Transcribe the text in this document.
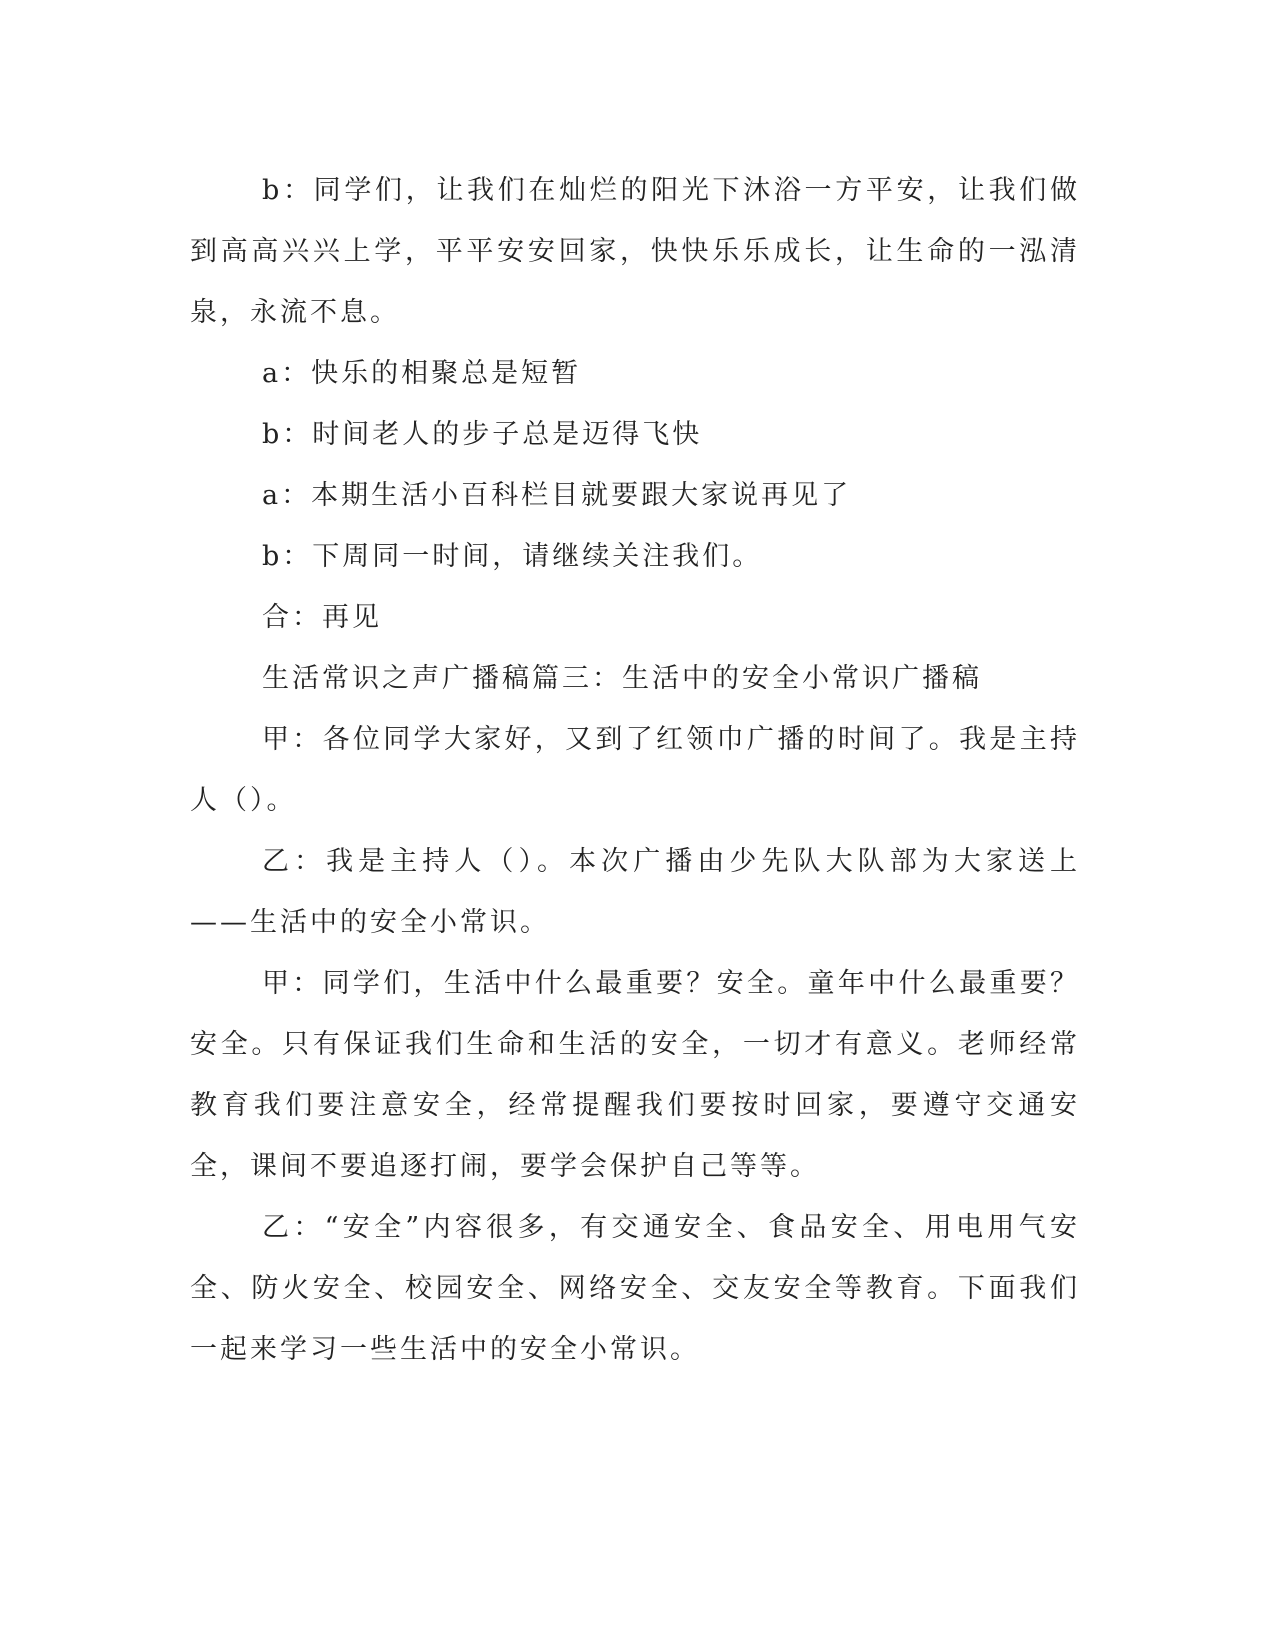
b：同学们，让我们在灿烂的阳光下沐浴一方平安，让我们做到高高兴兴上学，平平安安回家，快快乐乐成长，让生命的一泓清泉，永流不息。

a：快乐的相聚总是短暂

b：时间老人的步子总是迈得飞快

a：本期生活小百科栏目就要跟大家说再见了

b：下周同一时间，请继续关注我们。

合：再见

生活常识之声广播稿篇三：生活中的安全小常识广播稿

甲：各位同学大家好，又到了红领巾广播的时间了。我是主持人（）。

乙：我是主持人（）。本次广播由少先队大队部为大家送上——生活中的安全小常识。

甲：同学们，生活中什么最重要？安全。童年中什么最重要？安全。只有保证我们生命和生活的安全，一切才有意义。老师经常教育我们要注意安全，经常提醒我们要按时回家，要遵守交通安全，课间不要追逐打闹，要学会保护自己等等。

乙：“安全”内容很多，有交通安全、食品安全、用电用气安全、防火安全、校园安全、网络安全、交友安全等教育。下面我们一起来学习一些生活中的安全小常识。
